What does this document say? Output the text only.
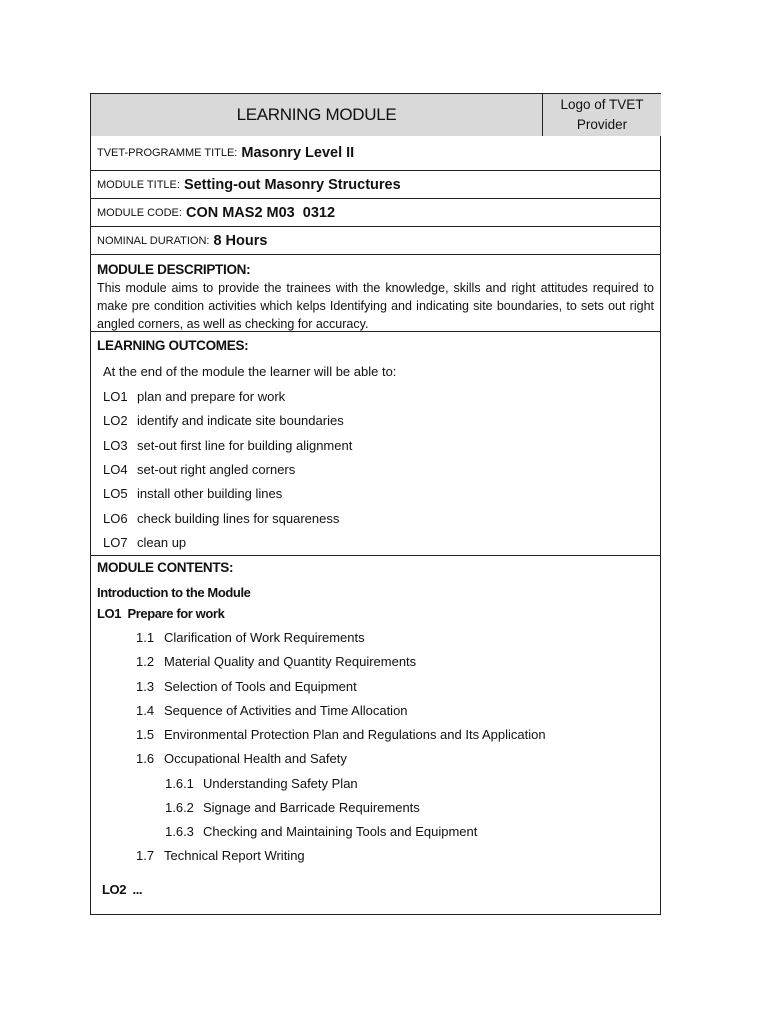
LEARNING MODULE
Logo of TVET Provider
TVET-PROGRAMME TITLE: Masonry Level II
MODULE TITLE: Setting-out Masonry Structures
MODULE CODE: CON MAS2 M03  0312
NOMINAL DURATION: 8 Hours
MODULE DESCRIPTION:

This module aims to provide the trainees with the knowledge, skills and right attitudes required to make pre condition activities which kelps Identifying and indicating site boundaries, to sets out right angled corners, as well as checking for accuracy.

LEARNING OUTCOMES:
At the end of the module the learner will be able to:
LO1 plan and prepare for work
LO2 identify and indicate site boundaries
LO3 set-out first line for building alignment
LO4 set-out right angled corners
LO5 install other building lines
LO6 check building lines for squareness
LO7 clean up
MODULE CONTENTS:
Introduction to the Module
LO1  Prepare for work
1.1 Clarification of Work Requirements
1.2 Material Quality and Quantity Requirements
1.3 Selection of Tools and Equipment
1.4 Sequence of Activities and Time Allocation
1.5 Environmental Protection Plan and Regulations and Its Application
1.6 Occupational Health and Safety
1.6.1 Understanding Safety Plan
1.6.2 Signage and Barricade Requirements
1.6.3 Checking and Maintaining Tools and Equipment
1.7 Technical Report Writing
LO2  ...
